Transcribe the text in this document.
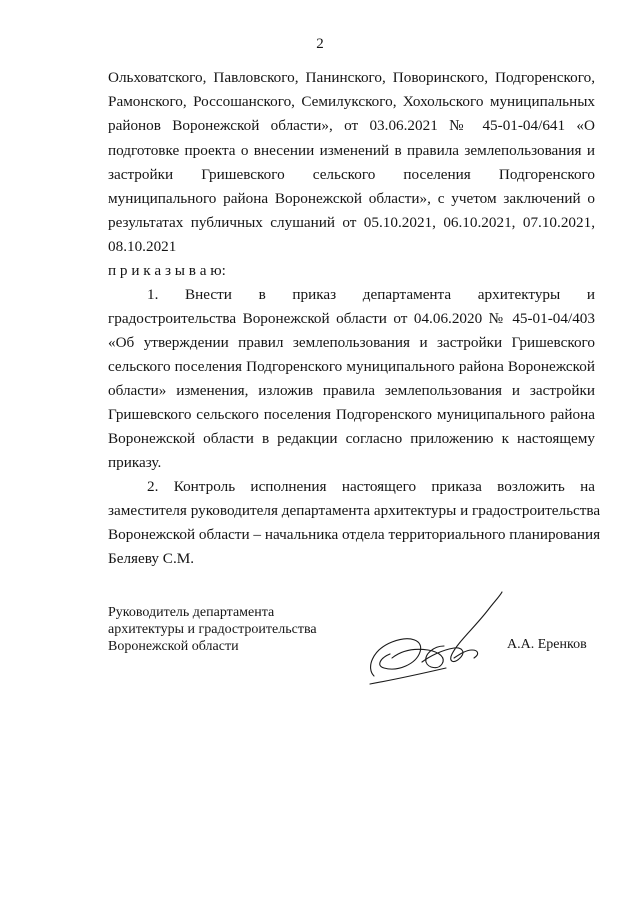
2
Ольховатского, Павловского, Панинского, Поворинского, Подгоренского,
Рамонского, Россошанского, Семилукского, Хохольского муниципальных
районов Воронежской области», от 03.06.2021 № 45-01-04/641 «О
подготовке проекта о внесении изменений в правила землепользования и
застройки Гришевского сельского поселения Подгоренского
муниципального района Воронежской области», с учетом заключений о
результатах публичных слушаний от 05.10.2021, 06.10.2021, 07.10.2021,
08.10.2021
п р и к а з ы в а ю:
1. Внести в приказ департамента архитектуры и
градостроительства Воронежской области от 04.06.2020 № 45-01-04/403
«Об утверждении правил землепользования и застройки Гришевского
сельского поселения Подгоренского муниципального района Воронежской
области» изменения, изложив правила землепользования и застройки
Гришевского сельского поселения Подгоренского муниципального района
Воронежской области в редакции согласно приложению к настоящему
приказу.
2. Контроль исполнения настоящего приказа возложить на
заместителя руководителя департамента архитектуры и градостроительства
Воронежской области – начальника отдела территориального планирования
Беляеву С.М.
Руководитель департамента
архитектуры и градостроительства
Воронежской области	А.А. Еренков
